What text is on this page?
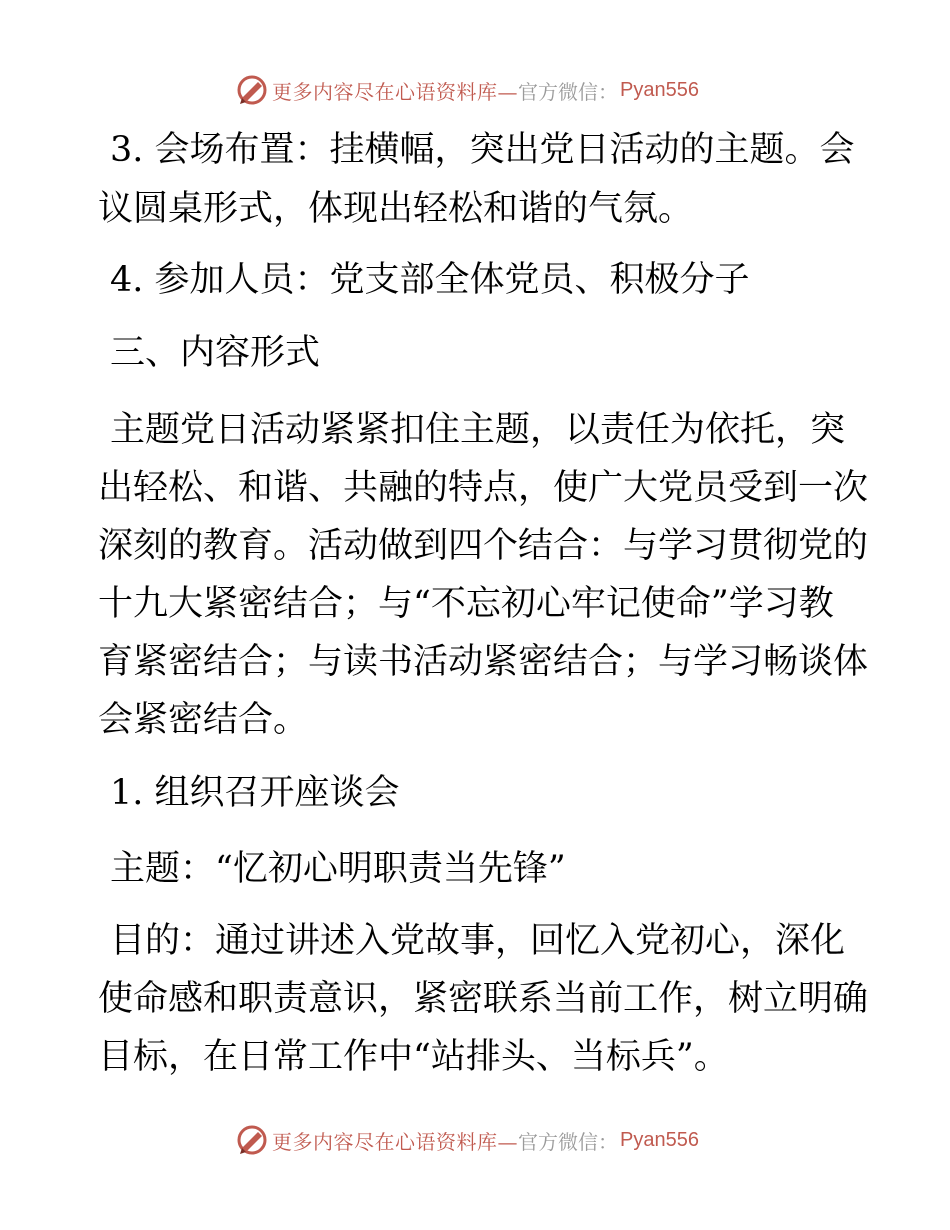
更多内容尽在心语资料库— 官方微信： Pyan556
3. 会场布置：挂横幅，突出党日活动的主题。会
议圆桌形式，体现出轻松和谐的气氛。
4. 参加人员：党支部全体党员、积极分子
三、内容形式
主题党日活动紧紧扣住主题，以责任为依托，突
出轻松、和谐、共融的特点，使广大党员受到一次
深刻的教育。活动做到四个结合：与学习贯彻党的
十九大紧密结合；与“不忘初心牢记使命”学习教
育紧密结合；与读书活动紧密结合；与学习畅谈体
会紧密结合。
1. 组织召开座谈会
主题：“忆初心明职责当先锋”
目的：通过讲述入党故事，回忆入党初心，深化
使命感和职责意识，紧密联系当前工作，树立明确
目标，在日常工作中“站排头、当标兵”。
更多内容尽在心语资料库— 官方微信： Pyan556
